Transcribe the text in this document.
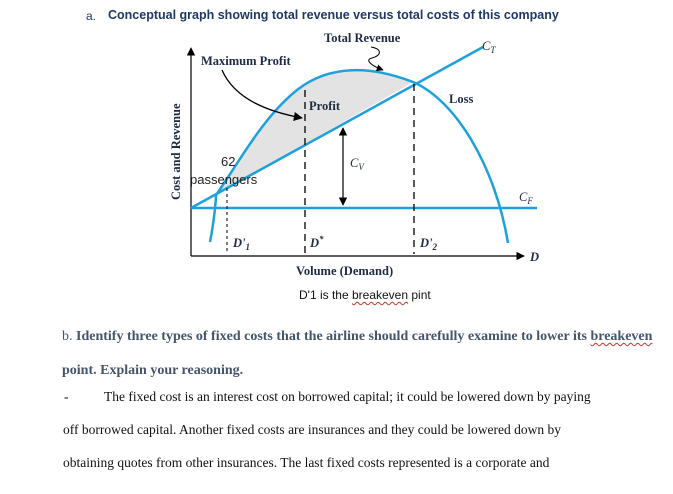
a. Conceptual graph showing total revenue versus total costs of this company
Total Revenue
Maximum Profit
Profit	Loss
$C_T$
$C_F$
$C_V$
62
passengers
Cost and Revenue
D
$D'_1$	D*	$D'_2$
Volume (Demand)
D'1 is the breakeven pint
b. Identify three types of fixed costs that the airline should carefully examine to lower its breakeven point. Explain your reasoning.
-	The fixed cost is an interest cost on borrowed capital; it could be lowered down by paying
off borrowed capital. Another fixed costs are insurances and they could be lowered down by
obtaining quotes from other insurances. The last fixed costs represented is a corporate and
